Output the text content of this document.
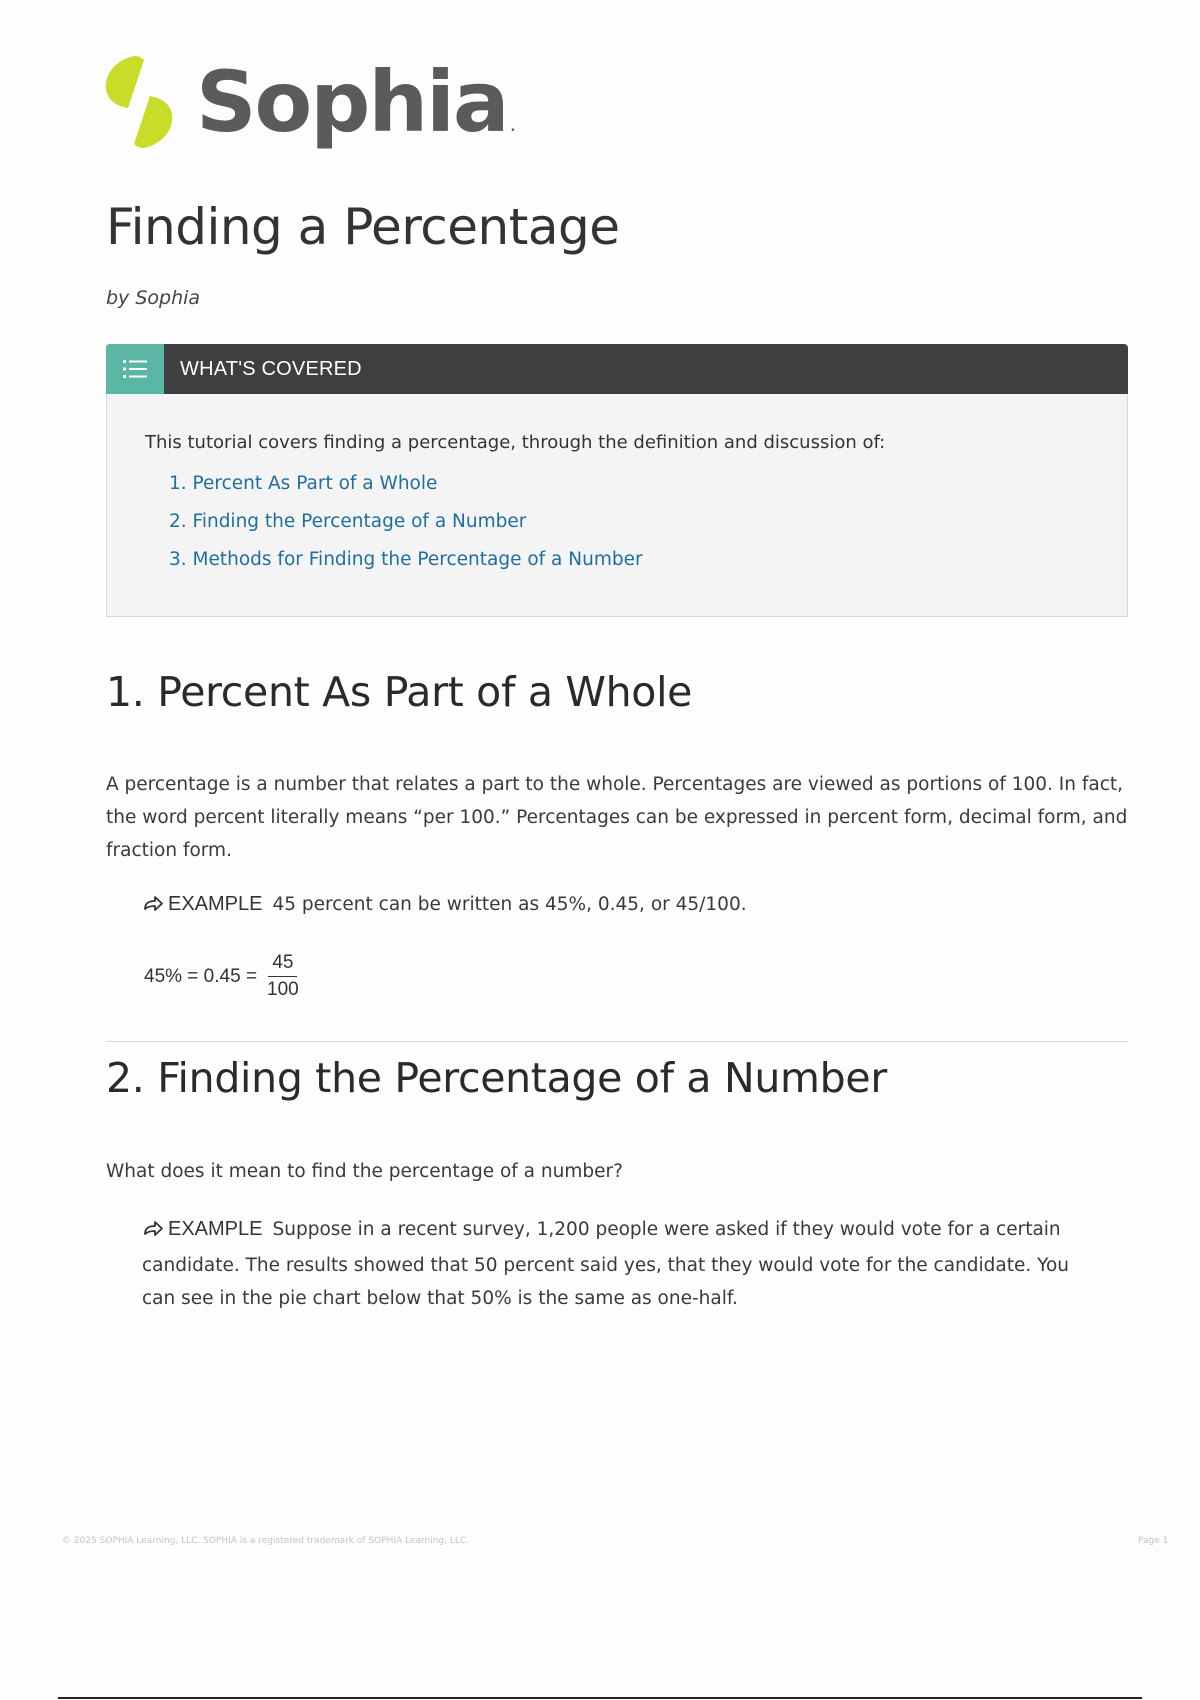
Sophia .
Finding a Percentage
by Sophia
WHAT'S COVERED

This tutorial covers finding a percentage, through the definition and discussion of:

1. Percent As Part of a Whole
2. Finding the Percentage of a Number
3. Methods for Finding the Percentage of a Number
1. Percent As Part of a Whole

A percentage is a number that relates a part to the whole. Percentages are viewed as portions of 100. In fact, the word percent literally means “per 100.” Percentages can be expressed in percent form, decimal form, and fraction form.

EXAMPLE 45 percent can be written as 45%, 0.45, or 45/100.

$45\% = 0.45 = \frac{45}{100}$
2. Finding the Percentage of a Number

What does it mean to find the percentage of a number?

EXAMPLE Suppose in a recent survey, 1,200 people were asked if they would vote for a certain candidate. The results showed that 50 percent said yes, that they would vote for the candidate. You can see in the pie chart below that 50% is the same as one-half.

© 2025 SOPHIA Learning, LLC. SOPHIA is a registered trademark of SOPHIA Learning, LLC.	Page 1
